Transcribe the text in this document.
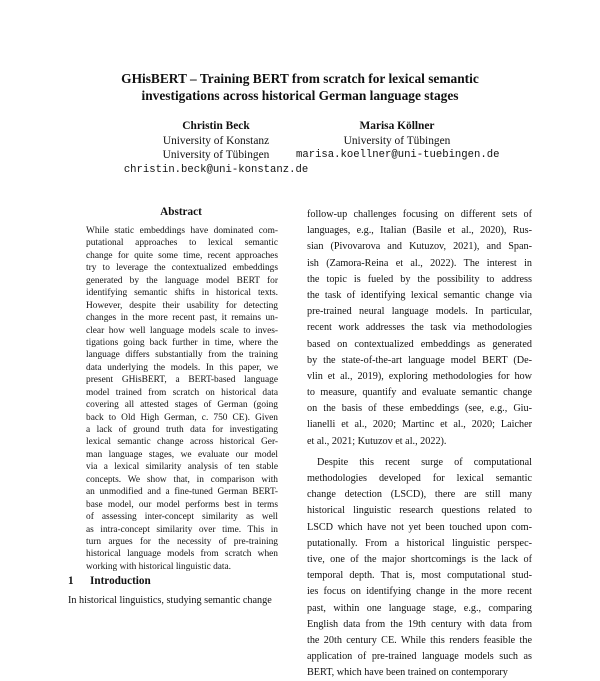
GHisBERT – Training BERT from scratch for lexical semantic
investigations across historical German language stages
Christin Beck
University of Konstanz
University of Tübingen
christin.beck@uni-konstanz.de
Marisa Köllner
University of Tübingen
marisa.koellner@uni-tuebingen.de
Abstract
While static embeddings have dominated com-
putational approaches to lexical semantic
change for quite some time, recent approaches
try to leverage the contextualized embeddings
generated by the language model BERT for
identifying semantic shifts in historical texts.
However, despite their usability for detecting
changes in the more recent past, it remains un-
clear how well language models scale to inves-
tigations going back further in time, where the
language differs substantially from the training
data underlying the models. In this paper, we
present GHisBERT, a BERT-based language
model trained from scratch on historical data
covering all attested stages of German (going
back to Old High German, c. 750 CE). Given
a lack of ground truth data for investigating
lexical semantic change across historical Ger-
man language stages, we evaluate our model
via a lexical similarity analysis of ten stable
concepts. We show that, in comparison with
an unmodified and a fine-tuned German BERT-
base model, our model performs best in terms
of assessing inter-concept similarity as well
as intra-concept similarity over time. This in
turn argues for the necessity of pre-training
historical language models from scratch when
working with historical linguistic data.
1 Introduction
In historical linguistics, studying semantic change
follow-up challenges focusing on different sets of
languages, e.g., Italian (Basile et al., 2020), Rus-
sian (Pivovarova and Kutuzov, 2021), and Span-
ish (Zamora-Reina et al., 2022). The interest in
the topic is fueled by the possibility to address
the task of identifying lexical semantic change via
pre-trained neural language models. In particular,
recent work addresses the task via methodologies
based on contextualized embeddings as generated
by the state-of-the-art language model BERT (De-
vlin et al., 2019), exploring methodologies for how
to measure, quantify and evaluate semantic change
on the basis of these embeddings (see, e.g., Giu-
lianelli et al., 2020; Martinc et al., 2020; Laicher
et al., 2021; Kutuzov et al., 2022).
Despite this recent surge of computational
methodologies developed for lexical semantic
change detection (LSCD), there are still many
historical linguistic research questions related to
LSCD which have not yet been touched upon com-
putationally. From a historical linguistic perspec-
tive, one of the major shortcomings is the lack of
temporal depth. That is, most computational stud-
ies focus on identifying change in the more recent
past, within one language stage, e.g., comparing
English data from the 19th century with data from
the 20th century CE. While this renders feasible the
application of pre-trained language models such as
BERT, which have been trained on contemporary
